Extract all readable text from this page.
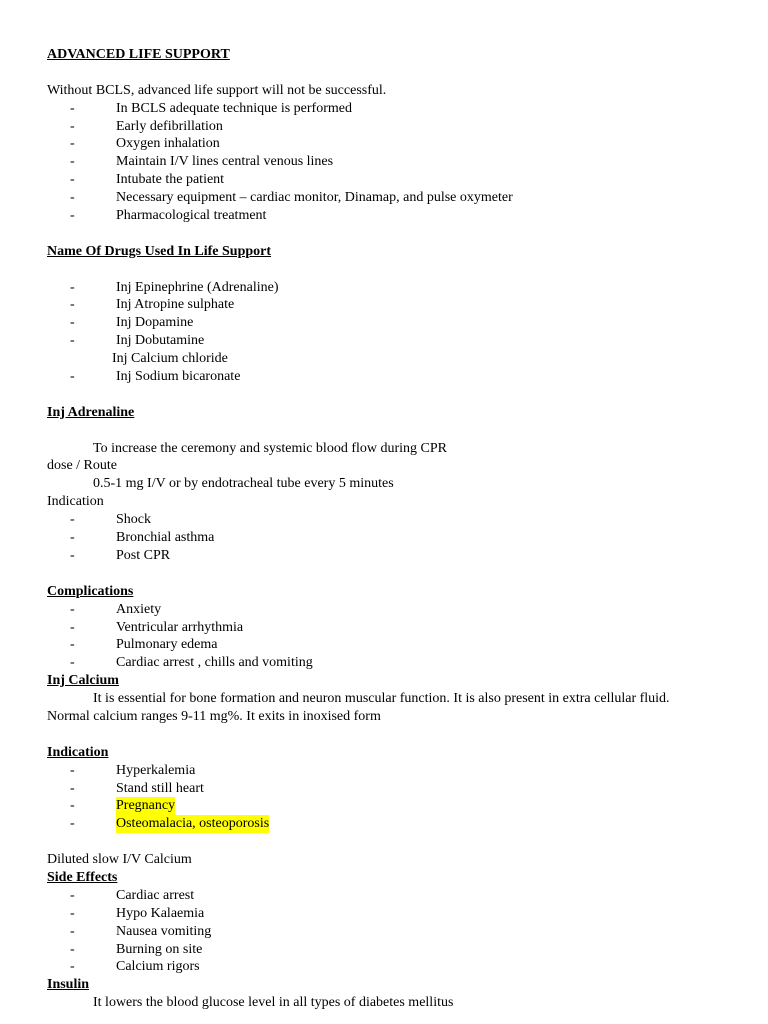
ADVANCED LIFE SUPPORT
Without BCLS, advanced life support will not be successful.
-	In BCLS adequate technique is performed
-	Early defibrillation
-	Oxygen inhalation
-	Maintain I/V lines central venous lines
-	Intubate the patient
-	Necessary equipment – cardiac monitor, Dinamap, and pulse oxymeter
-	Pharmacological treatment
Name Of Drugs Used In Life Support
-	Inj Epinephrine (Adrenaline)
-	Inj Atropine sulphate
-	Inj Dopamine
-	Inj Dobutamine
Inj Calcium chloride
-	Inj Sodium bicaronate
Inj Adrenaline
To increase the ceremony and systemic blood flow during CPR
dose / Route
0.5-1 mg I/V or by endotracheal tube every 5 minutes
Indication
-	Shock
-	Bronchial asthma
-	Post CPR
Complications
-	Anxiety
-	Ventricular arrhythmia
-	Pulmonary edema
-	Cardiac arrest , chills and vomiting
Inj Calcium
It is essential for bone formation and neuron muscular function. It is also present in extra cellular fluid.
Normal calcium ranges 9-11 mg%. It exits in inoxised form
Indication
-	Hyperkalemia
-	Stand still heart
-	Pregnancy
-	Osteomalacia, osteoporosis
Diluted slow I/V Calcium
Side Effects
-	Cardiac arrest
-	Hypo Kalaemia
-	Nausea vomiting
-	Burning on site
-	Calcium rigors
Insulin
It lowers the blood glucose level in all types of diabetes mellitus
